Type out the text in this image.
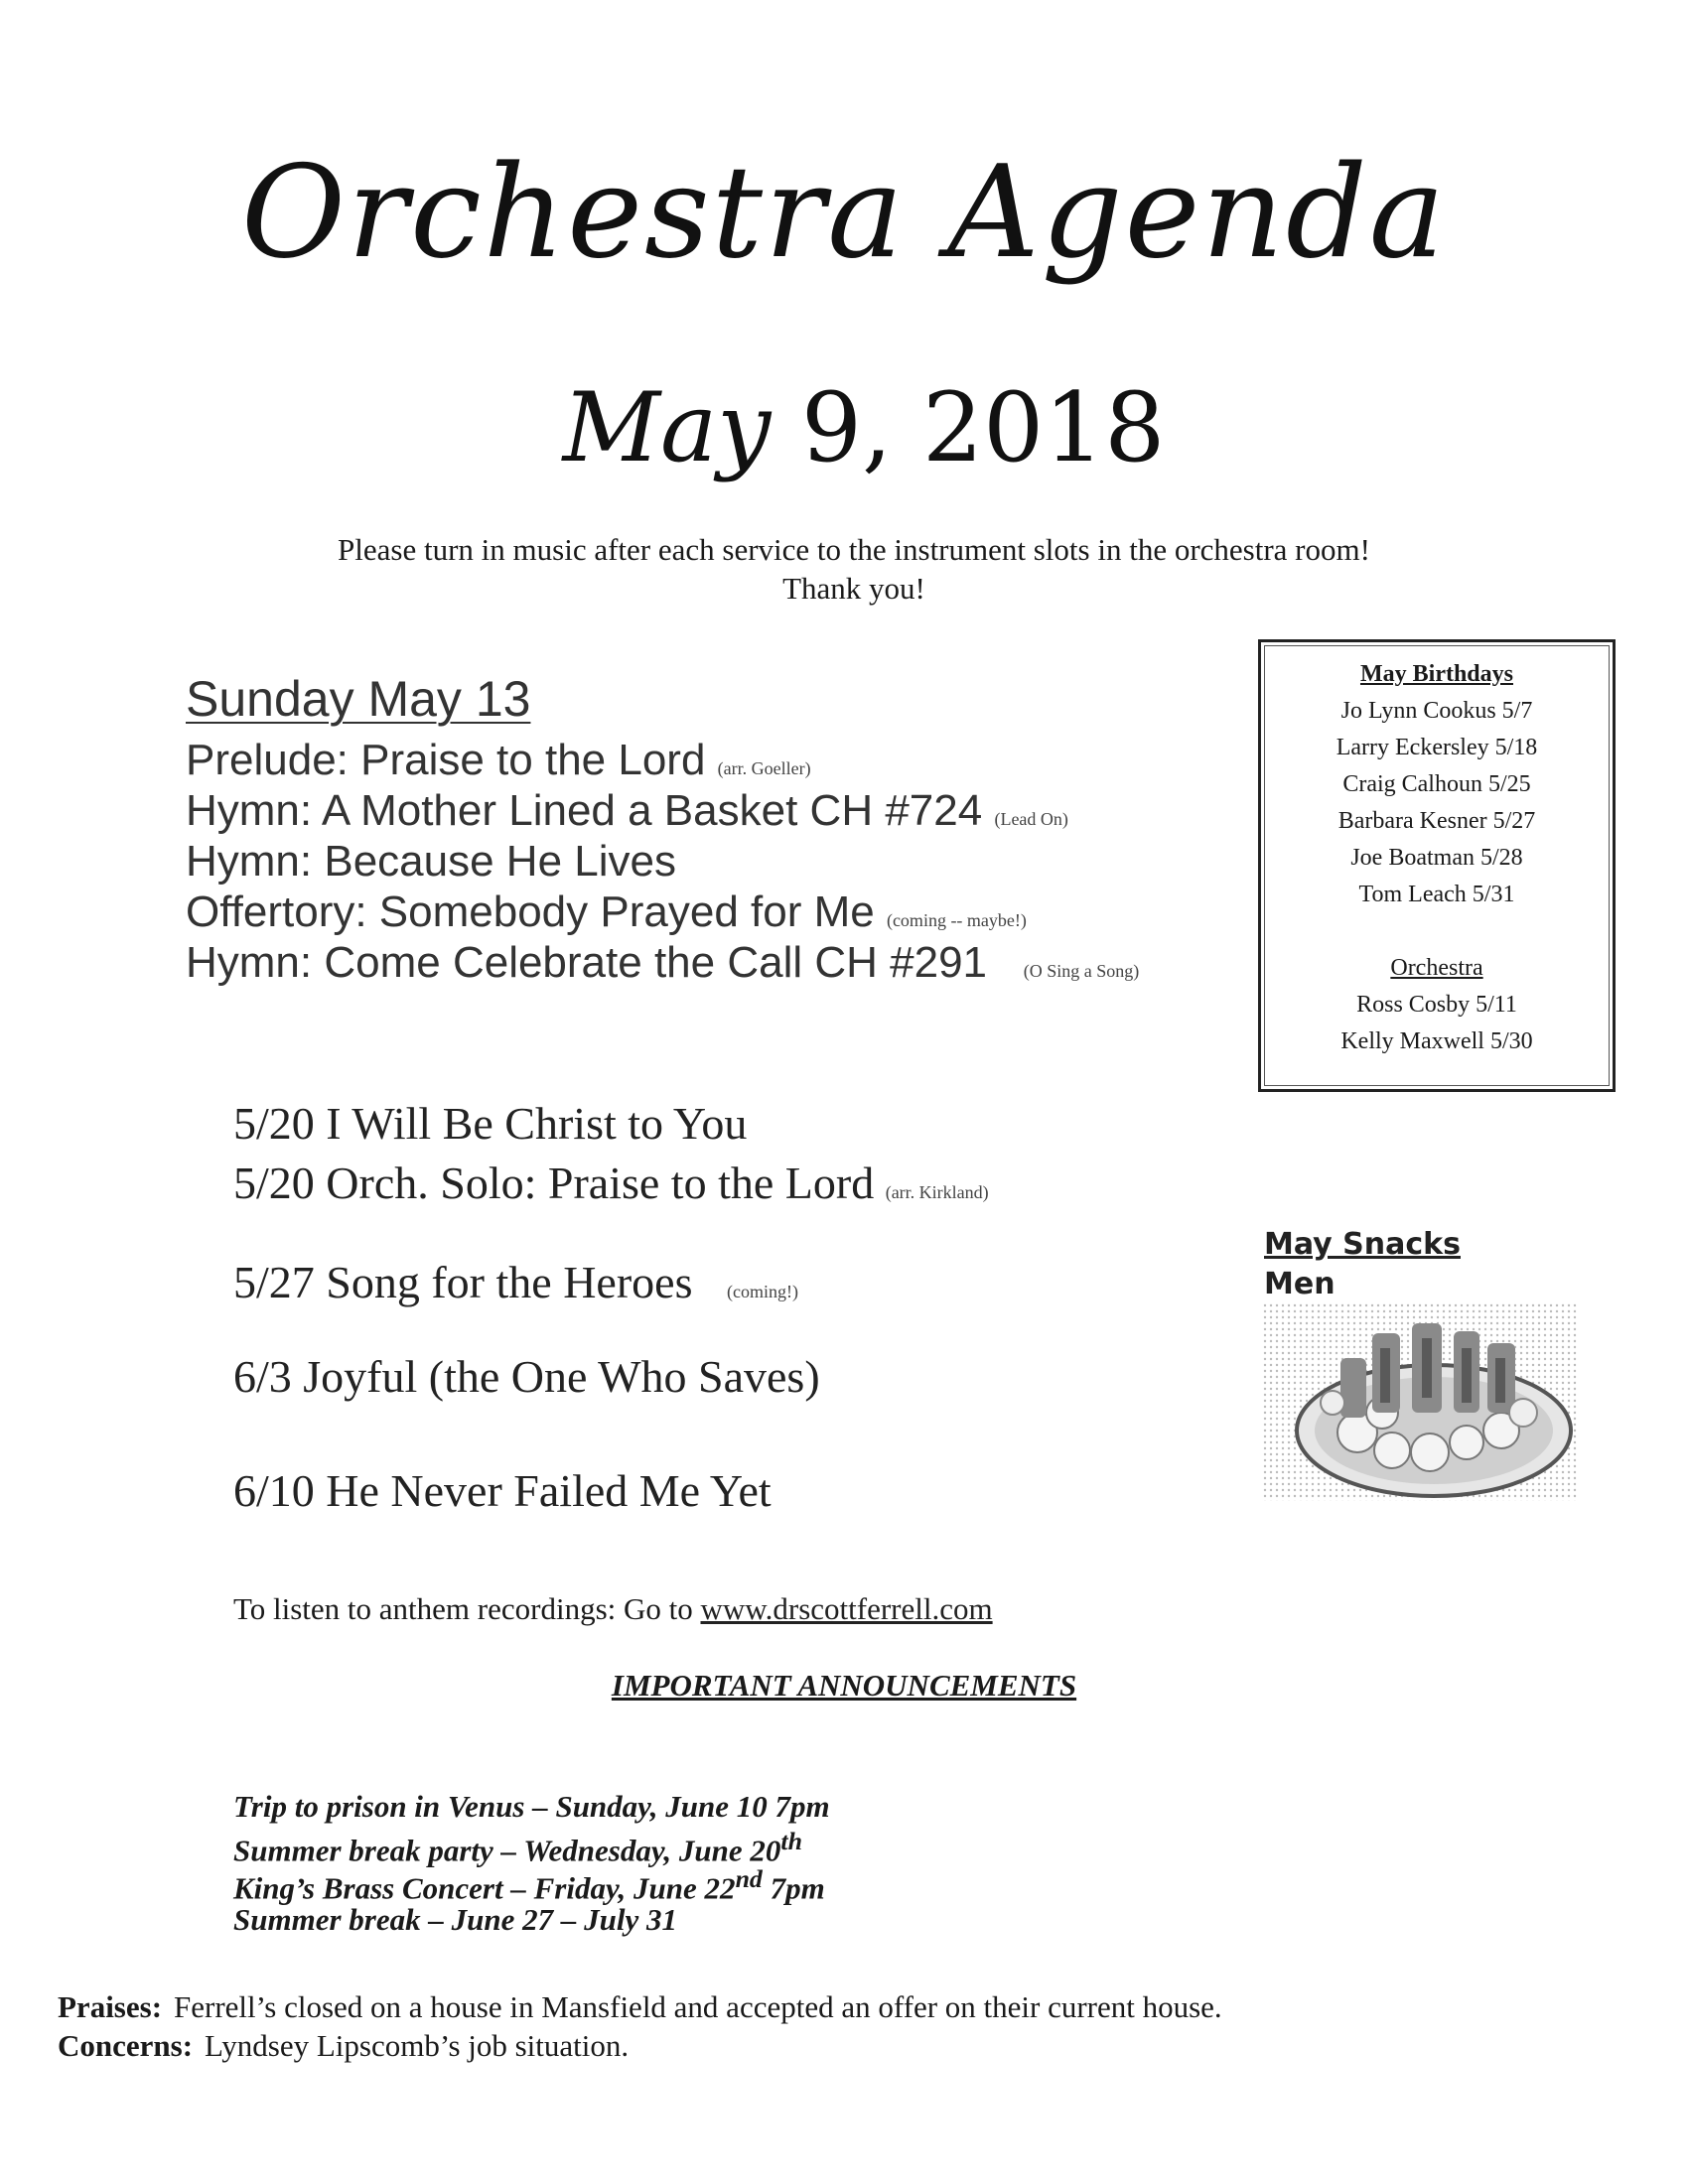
Orchestra Agenda
May 9, 2018
Please turn in music after each service to the instrument slots in the orchestra room!
Thank you!
Sunday May 13
Prelude: Praise to the Lord (arr. Goeller)
Hymn: A Mother Lined a Basket CH #724 (Lead On)
Hymn: Because He Lives
Offertory: Somebody Prayed for Me (coming -- maybe!)
Hymn: Come Celebrate the Call CH #291 (O Sing a Song)
5/20 I Will Be Christ to You
5/20 Orch. Solo: Praise to the Lord (arr. Kirkland)
5/27 Song for the Heroes (coming!)
6/3 Joyful (the One Who Saves)
6/10 He Never Failed Me Yet
May Birthdays
Jo Lynn Cookus 5/7
Larry Eckersley 5/18
Craig Calhoun 5/25
Barbara Kesner 5/27
Joe Boatman 5/28
Tom Leach 5/31
Orchestra
Ross Cosby 5/11
Kelly Maxwell 5/30
May Snacks
Men
To listen to anthem recordings: Go to www.drscottferrell.com
IMPORTANT ANNOUNCEMENTS
Trip to prison in Venus – Sunday, June 10 7pm
Summer break party – Wednesday, June 20th
King’s Brass Concert – Friday, June 22nd 7pm
Summer break – June 27 – July 31
Praises: Ferrell’s closed on a house in Mansfield and accepted an offer on their current house.
Concerns: Lyndsey Lipscomb’s job situation.
